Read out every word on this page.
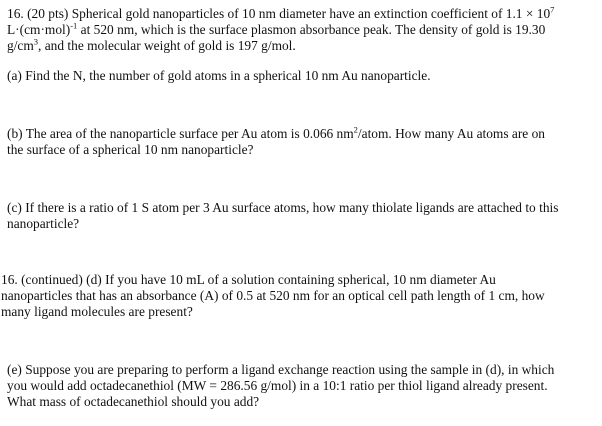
16. (20 pts) Spherical gold nanoparticles of 10 nm diameter have an extinction coefficient of $1.1 \times 10^7$
$L\cdot(cm\cdot mol)^{-1}$ at 520 nm, which is the surface plasmon absorbance peak. The density of gold is 19.30
$g/cm^3$, and the molecular weight of gold is 197 g/mol.
(a) Find the N, the number of gold atoms in a spherical 10 nm Au nanoparticle.
(b) The area of the nanoparticle surface per Au atom is 0.066 $nm^2$/atom. How many Au atoms are on
the surface of a spherical 10 nm nanoparticle?
(c) If there is a ratio of 1 S atom per 3 Au surface atoms, how many thiolate ligands are attached to this
nanoparticle?
16. (continued) (d) If you have 10 mL of a solution containing spherical, 10 nm diameter Au
nanoparticles that has an absorbance (A) of 0.5 at 520 nm for an optical cell path length of 1 cm, how
many ligand molecules are present?
(e) Suppose you are preparing to perform a ligand exchange reaction using the sample in (d), in which
you would add octadecanethiol (MW = 286.56 g/mol) in a 10:1 ratio per thiol ligand already present.
What mass of octadecanethiol should you add?
